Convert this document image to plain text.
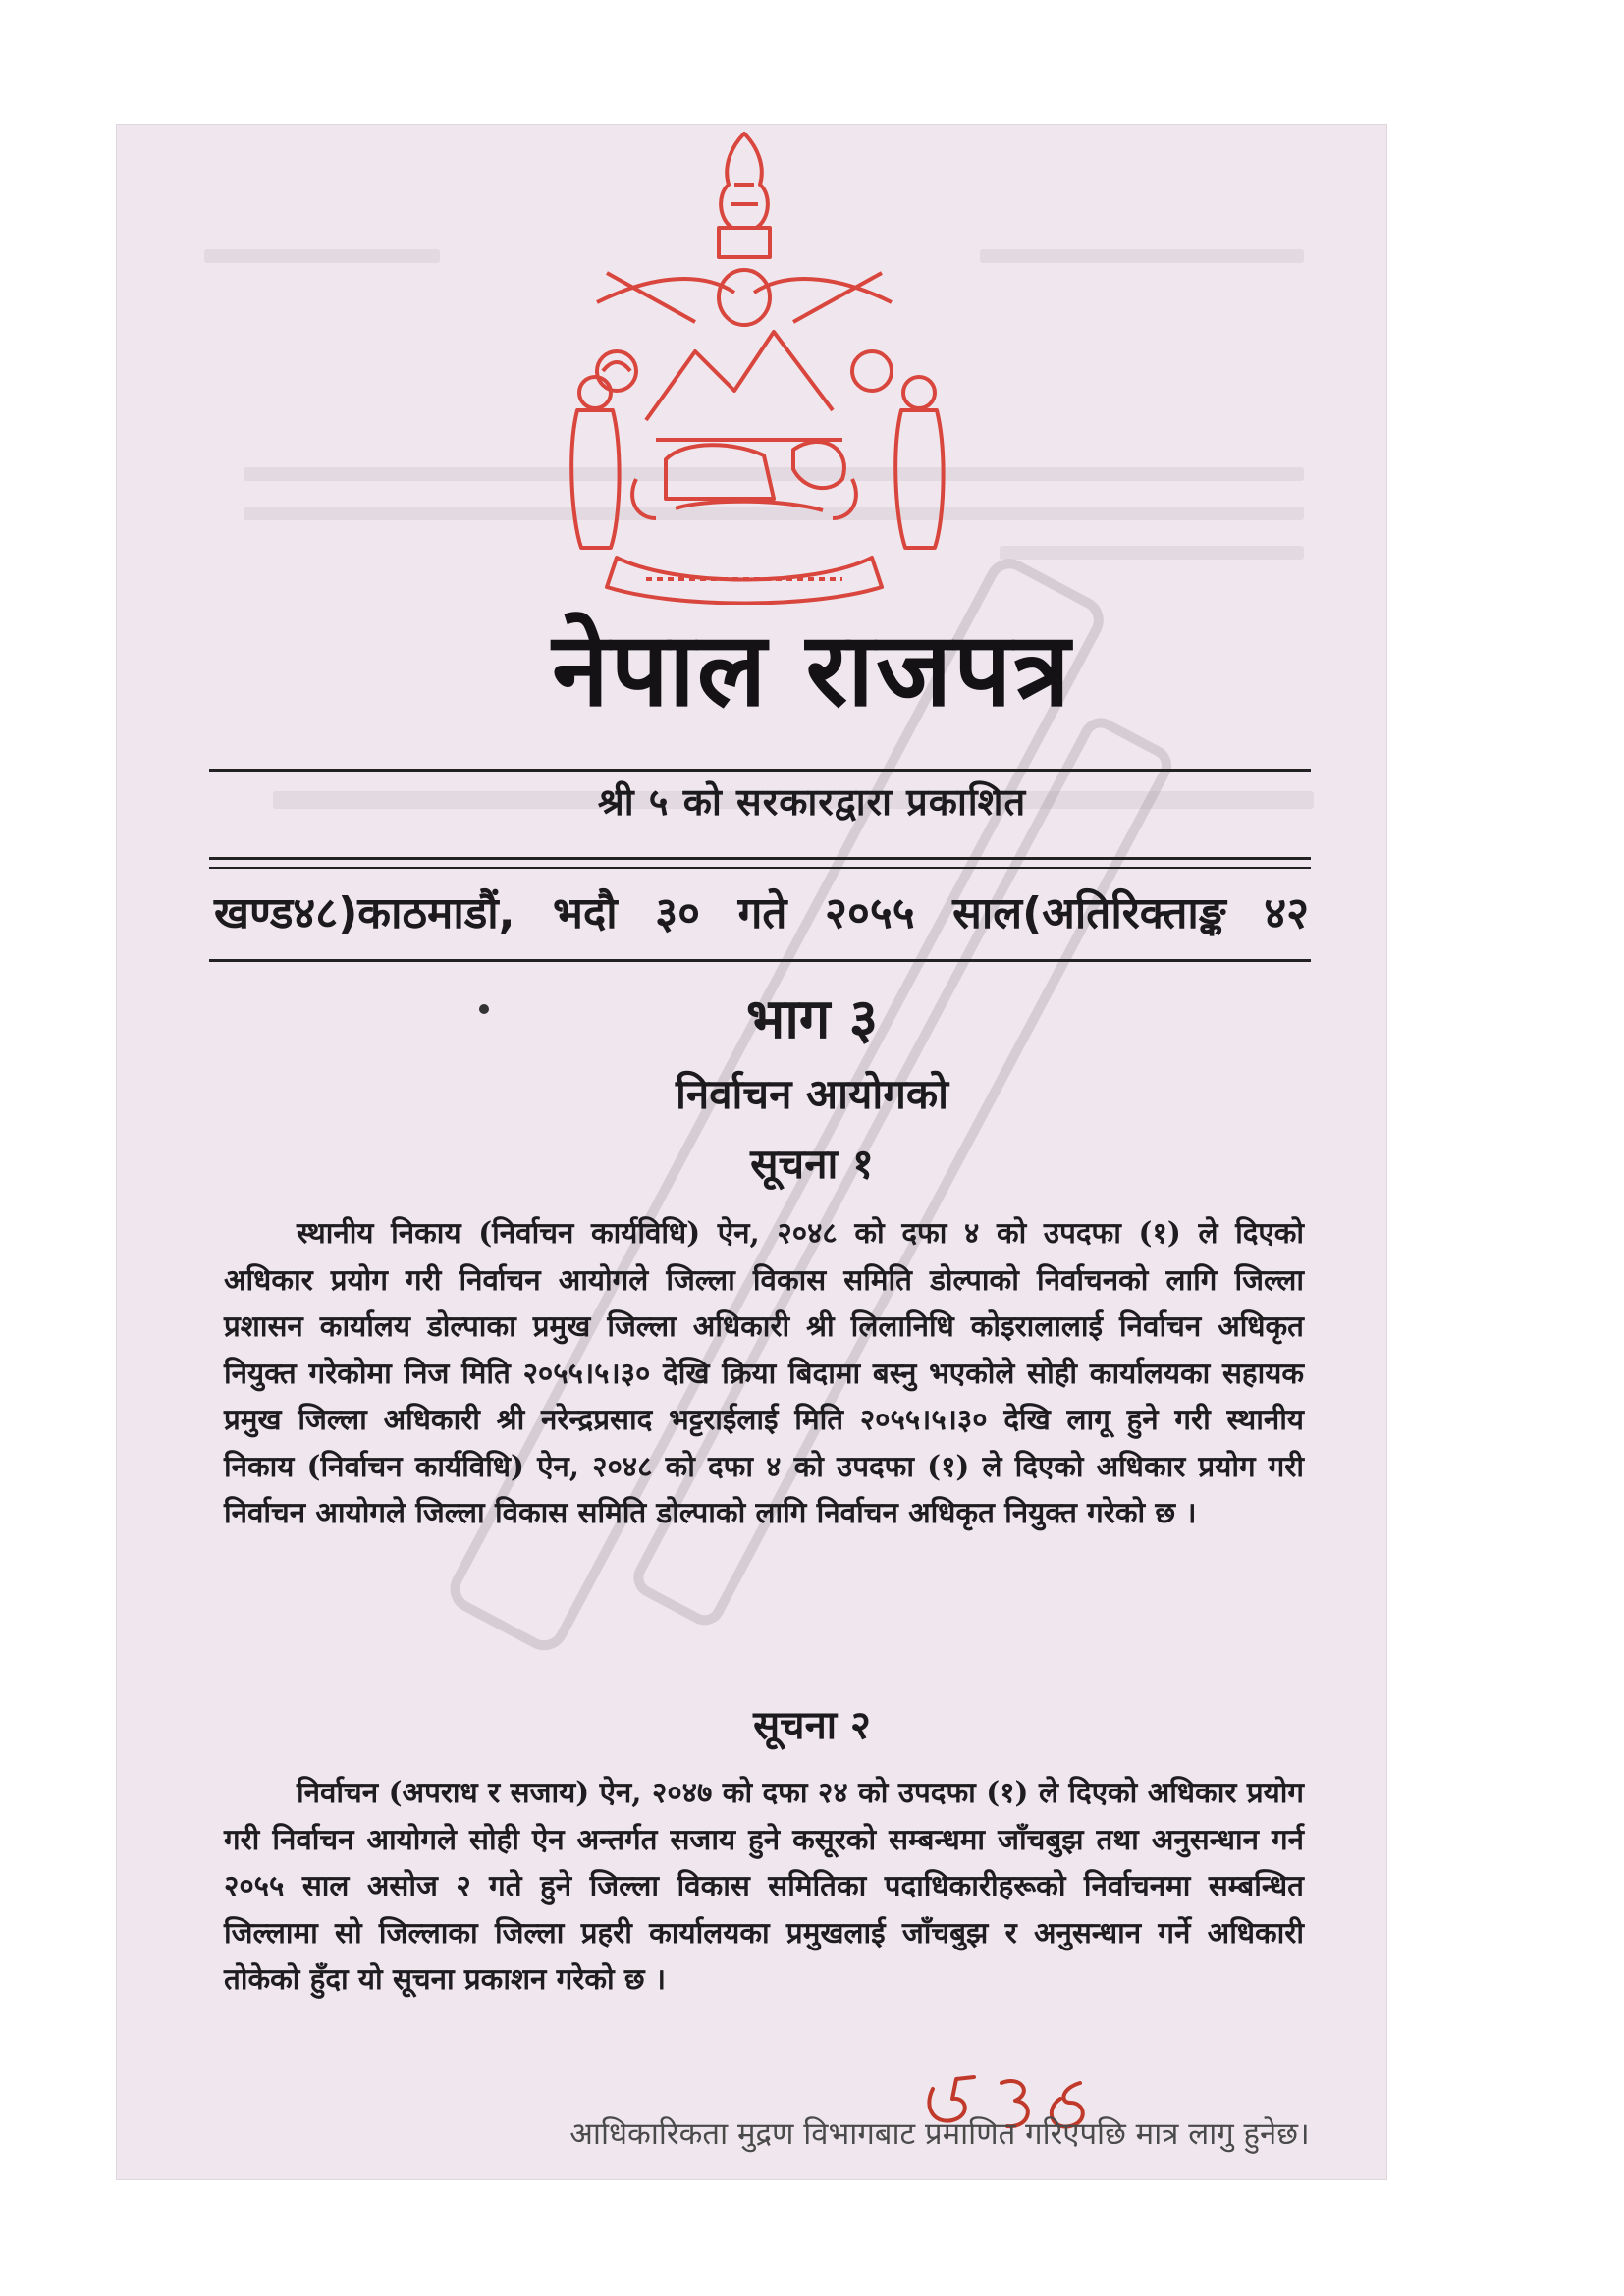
नेपाल राजपत्र
श्री ५ को सरकारद्वारा प्रकाशित
खण्ड४८)काठमाडौं, भदौ ३० गते २०५५ साल(अतिरिक्ताङ्क ४२
भाग ३
निर्वाचन आयोगको
सूचना १
स्थानीय निकाय (निर्वाचन कार्यविधि) ऐन, २०४८ को दफा ४ को उपदफा (१) ले दिएको अधिकार प्रयोग गरी निर्वाचन आयोगले जिल्ला विकास समिति डोल्पाको निर्वाचनको लागि जिल्ला प्रशासन कार्यालय डोल्पाका प्रमुख जिल्ला अधिकारी श्री लिलानिधि कोइरालालाई निर्वाचन अधिकृत नियुक्त गरेकोमा निज मिति २०५५।५।३० देखि क्रिया बिदामा बस्नु भएकोले सोही कार्यालयका सहायक प्रमुख जिल्ला अधिकारी श्री नरेन्द्रप्रसाद भट्टराईलाई मिति २०५५।५।३० देखि लागू हुने गरी स्थानीय निकाय (निर्वाचन कार्यविधि) ऐन, २०४८ को दफा ४ को उपदफा (१) ले दिएको अधिकार प्रयोग गरी निर्वाचन आयोगले जिल्ला विकास समिति डोल्पाको लागि निर्वाचन अधिकृत नियुक्त गरेको छ ।
सूचना २
निर्वाचन (अपराध र सजाय) ऐन, २०४७ को दफा २४ को उपदफा (१) ले दिएको अधिकार प्रयोग गरी निर्वाचन आयोगले सोही ऐन अन्तर्गत सजाय हुने कसूरको सम्बन्धमा जाँचबुझ तथा अनुसन्धान गर्न २०५५ साल असोज २ गते हुने जिल्ला विकास समितिका पदाधिकारीहरूको निर्वाचनमा सम्बन्धित जिल्लामा सो जिल्लाका जिल्ला प्रहरी कार्यालयका प्रमुखलाई जाँचबुझ र अनुसन्धान गर्ने अधिकारी तोकेको हुँदा यो सूचना प्रकाशन गरेको छ ।
आधिकारिकता मुद्रण विभागबाट प्रमाणित गरिएपछि मात्र लागु हुनेछ।
